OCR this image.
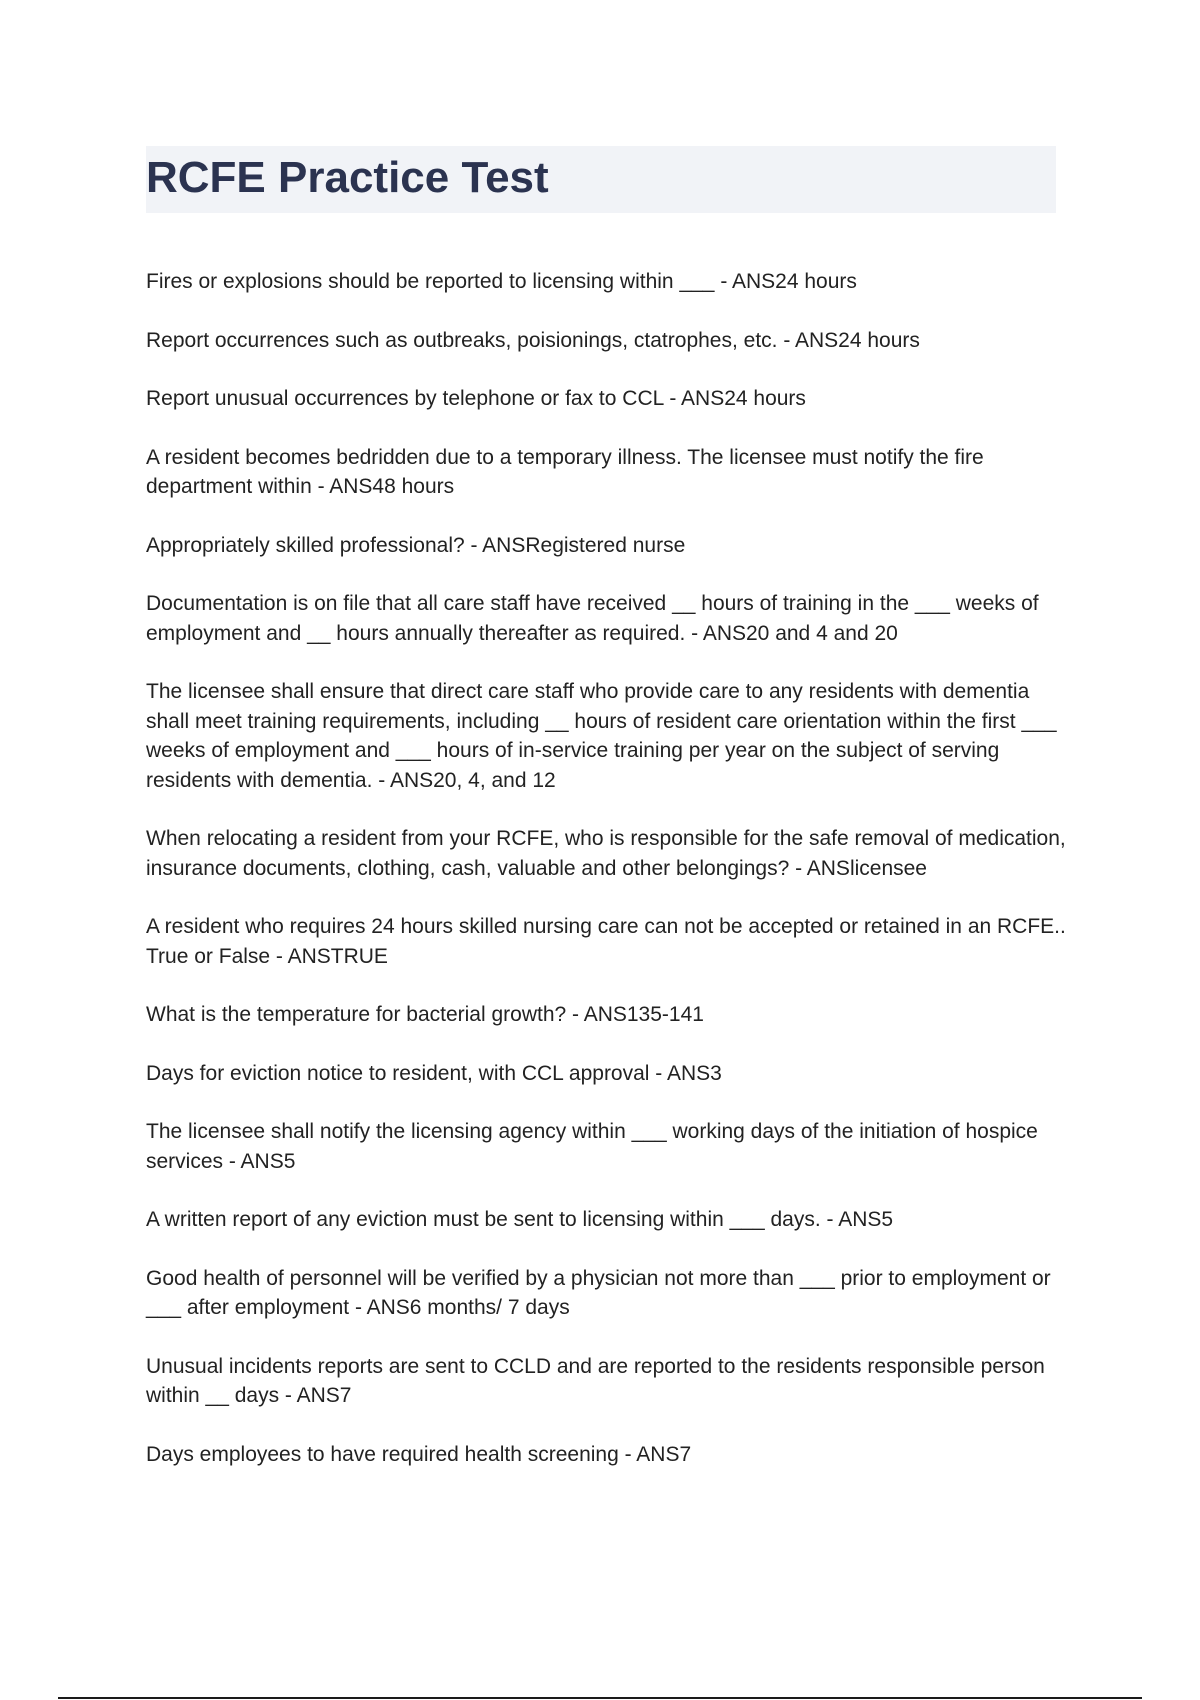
RCFE Practice Test
Fires or explosions should be reported to licensing within ___ - ANS24 hours
Report occurrences such as outbreaks, poisionings, ctatrophes, etc. - ANS24 hours
Report unusual occurrences by telephone or fax to CCL - ANS24 hours
A resident becomes bedridden due to a temporary illness. The licensee must notify the fire department within - ANS48 hours
Appropriately skilled professional? - ANSRegistered nurse
Documentation is on file that all care staff have received __ hours of training in the ___ weeks of employment and __ hours annually thereafter as required. - ANS20 and 4 and 20
The licensee shall ensure that direct care staff who provide care to any residents with dementia shall meet training requirements, including __ hours of resident care orientation within the first ___ weeks of employment and ___ hours of in-service training per year on the subject of serving residents with dementia. - ANS20, 4, and 12
When relocating a resident from your RCFE, who is responsible for the safe removal of medication, insurance documents, clothing, cash, valuable and other belongings? - ANSlicensee
A resident who requires 24 hours skilled nursing care can not be accepted or retained in an RCFE.. True or False - ANSTRUE
What is the temperature for bacterial growth? - ANS135-141
Days for eviction notice to resident, with CCL approval - ANS3
The licensee shall notify the licensing agency within ___ working days of the initiation of hospice services - ANS5
A written report of any eviction must be sent to licensing within ___ days. - ANS5
Good health of personnel will be verified by a physician not more than ___ prior to employment or ___ after employment - ANS6 months/ 7 days
Unusual incidents reports are sent to CCLD and are reported to the residents responsible person within __ days - ANS7
Days employees to have required health screening - ANS7
